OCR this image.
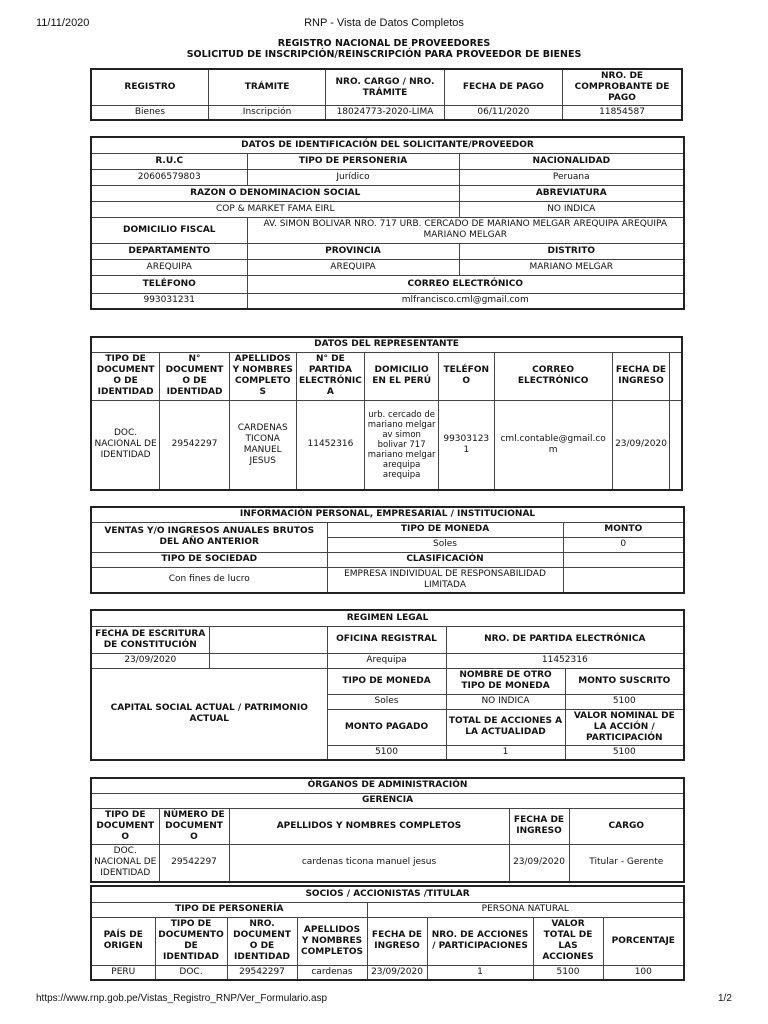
11/11/2020	RNP - Vista de Datos Completos
REGISTRO NACIONAL DE PROVEEDORES
SOLICITUD DE INSCRIPCIÓN/REINSCRIPCIÓN PARA PROVEEDOR DE BIENES
REGISTRO	TRÁMITE	NRO. CARGO / NRO. TRÁMITE	FECHA DE PAGO	NRO. DE COMPROBANTE DE PAGO
Bienes	Inscripción	18024773-2020-LIMA	06/11/2020	11854587
DATOS DE IDENTIFICACIÓN DEL SOLICITANTE/PROVEEDOR		
R.U.C	TIPO DE PERSONERIA	NACIONALIDAD
20606579803	Jurídico	Peruana
RAZON O DENOMINACION SOCIAL		ABREVIATURA
COP & MARKET FAMA EIRL		NO INDICA
DOMICILIO FISCAL	AV. SIMON BOLIVAR NRO. 717 URB. CERCADO DE MARIANO MELGAR AREQUIPA AREQUIPA MARIANO MELGAR	
DEPARTAMENTO	PROVINCIA	DISTRITO
AREQUIPA	AREQUIPA	MARIANO MELGAR
TELÉFONO	CORREO ELECTRÓNICO	
993031231	mlfrancisco.cml@gmail.com	
DATOS DEL REPRESENTANTE								
TIPO DE DOCUMENTO DE IDENTIDAD	N° DOCUMENTO DE IDENTIDAD	APELLIDOS Y NOMBRES COMPLETOS	N° DE PARTIDA ELECTRÓNICA	DOMICILIO EN EL PERÚ	TELÉFONO	CORREO ELECTRÓNICO	FECHA DE INGRESO	
DOC. NACIONAL DE IDENTIDAD	29542297	CARDENAS TICONA MANUEL JESUS	11452316	urb. cercado de mariano melgar av simon bolivar 717 mariano melgar arequipa arequipa	993031231	cml.contable@gmail.com	23/09/2020	
INFORMACIÓN PERSONAL, EMPRESARIAL / INSTITUCIONAL		
VENTAS Y/O INGRESOS ANUALES BRUTOS DEL AÑO ANTERIOR	TIPO DE MONEDA	MONTO
	Soles	0
TIPO DE SOCIEDAD	CLASIFICACIÓN	
Con fines de lucro	EMPRESA INDIVIDUAL DE RESPONSABILIDAD LIMITADA	
REGIMEN LEGAL				
FECHA DE ESCRITURA DE CONSTITUCIÓN		OFICINA REGISTRAL	NRO. DE PARTIDA ELECTRÓNICA	
23/09/2020		Arequipa	11452316	
CAPITAL SOCIAL ACTUAL / PATRIMONIO ACTUAL		TIPO DE MONEDA	NOMBRE DE OTRO TIPO DE MONEDA	MONTO SUSCRITO
		Soles	NO INDICA	5100
		MONTO PAGADO	TOTAL DE ACCIONES A LA ACTUALIDAD	VALOR NOMINAL DE LA ACCIÓN / PARTICIPACIÓN
		5100	1	5100
ÓRGANOS DE ADMINISTRACIÓN				
GERENCIA				
TIPO DE DOCUMENTO	NÚMERO DE DOCUMENTO	APELLIDOS Y NOMBRES COMPLETOS	FECHA DE INGRESO	CARGO
DOC. NACIONAL DE IDENTIDAD	29542297	cardenas ticona manuel jesus	23/09/2020	Titular - Gerente
SOCIOS / ACCIONISTAS /TITULAR							
TIPO DE PERSONERÍA				PERSONA NATURAL			
PAÍS DE ORIGEN	TIPO DE DOCUMENTO DE IDENTIDAD	NRO. DOCUMENTO DE IDENTIDAD	APELLIDOS Y NOMBRES COMPLETOS	FECHA DE INGRESO	NRO. DE ACCIONES / PARTICIPACIONES	VALOR TOTAL DE LAS ACCIONES	PORCENTAJE
PERU	DOC.	29542297	cardenas	23/09/2020	1	5100	100
https://www.rnp.gob.pe/Vistas_Registro_RNP/Ver_Formulario.asp	1/2
